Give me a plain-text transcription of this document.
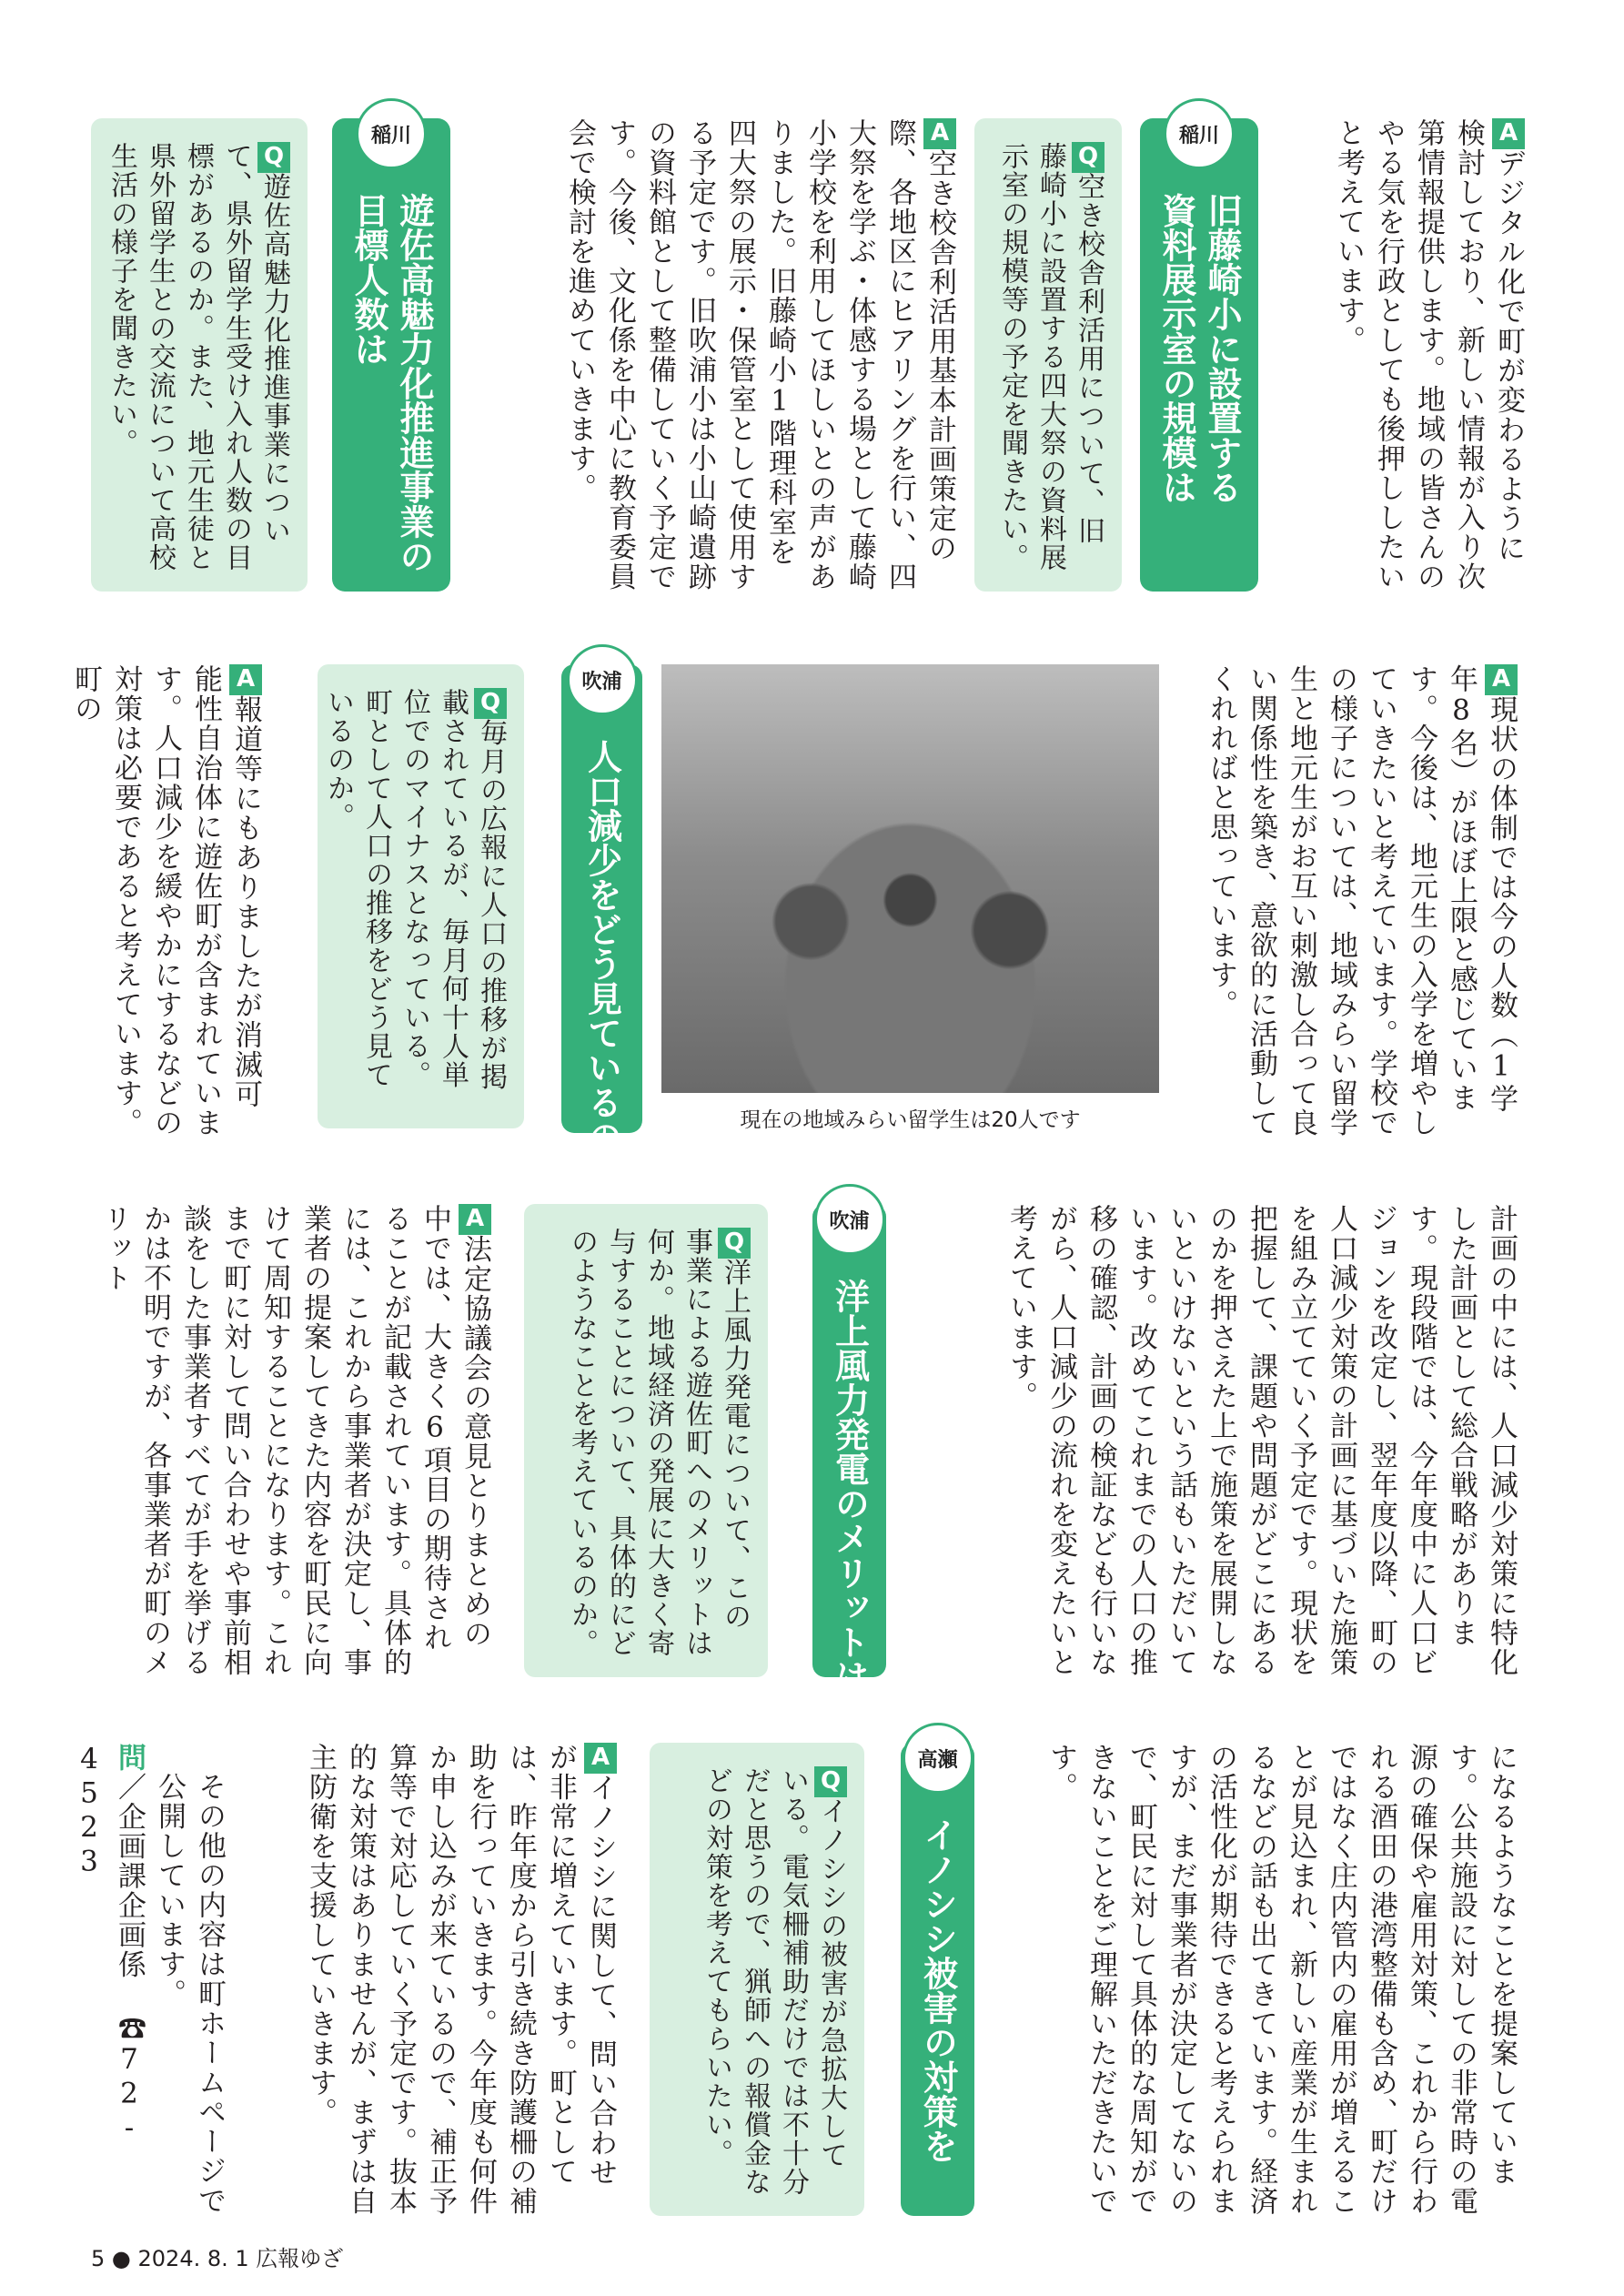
Aデジタル化で町が変わるように検討しており、新しい情報が入り次第情報提供します。地域の皆さんのやる気を行政としても後押ししたいと考えています。
稲川
旧藤崎小に設置する
資料展示室の規模は
Q空き校舎利活用について、旧藤崎小に設置する四大祭の資料展示室の規模等の予定を聞きたい。
A空き校舎利活用基本計画策定の際、各地区にヒアリングを行い、四大祭を学ぶ・体感する場として藤崎小学校を利用してほしいとの声がありました。旧藤崎小1階理科室を四大祭の展示・保管室として使用する予定です。旧吹浦小は小山崎遺跡の資料館として整備していく予定です。今後、文化係を中心に教育委員会で検討を進めていきます。
稲川
遊佐高魅力化推進事業の
目標人数は
Q遊佐高魅力化推進事業について、県外留学生受け入れ人数の目標があるのか。また、地元生徒と県外留学生との交流について高校生活の様子を聞きたい。
A現状の体制では今の人数（1学年8名）がほぼ上限と感じています。今後は、地元生の入学を増やしていきたいと考えています。学校での様子については、地域みらい留学生と地元生がお互い刺激し合って良い関係性を築き、意欲的に活動してくれればと思っています。
現在の地域みらい留学生は20人です
吹浦
人口減少をどう見ているのか
Q毎月の広報に人口の推移が掲載されているが、毎月何十人単位でのマイナスとなっている。町として人口の推移をどう見ているのか。
A報道等にもありましたが消滅可能性自治体に遊佐町が含まれています。人口減少を緩やかにするなどの対策は必要であると考えています。町の
計画の中には、人口減少対策に特化した計画として総合戦略があります。現段階では、今年度中に人口ビジョンを改定し、翌年度以降、町の人口減少対策の計画に基づいた施策を組み立てていく予定です。現状を把握して、課題や問題がどこにあるのかを押さえた上で施策を展開しないといけないという話もいただいています。改めてこれまでの人口の推移の確認、計画の検証なども行いながら、人口減少の流れを変えたいと考えています。
吹浦
洋上風力発電のメリットは
Q洋上風力発電について、この事業による遊佐町へのメリットは何か。地域経済の発展に大きく寄与することについて、具体的にどのようなことを考えているのか。
A法定協議会の意見とりまとめの中では、大きく6項目の期待されることが記載されています。具体的には、これから事業者が決定し、事業者の提案してきた内容を町民に向けて周知することになります。これまで町に対して問い合わせや事前相談をした事業者すべてが手を挙げるかは不明ですが、各事業者が町のメリット
になるようなことを提案しています。公共施設に対しての非常時の電源の確保や雇用対策、これから行われる酒田の港湾整備も含め、町だけではなく庄内管内の雇用が増えることが見込まれ、新しい産業が生まれるなどの話も出てきています。経済の活性化が期待できると考えられますが、まだ事業者が決定してないので、町民に対して具体的な周知ができないことをご理解いただきたいです。
高瀬
イノシシ被害の対策を
Qイノシシの被害が急拡大している。電気柵補助だけでは不十分だと思うので、猟師への報償金などの対策を考えてもらいたい。
Aイノシシに関して、問い合わせが非常に増えています。町としては、昨年度から引き続き防護柵の補助を行っていきます。今年度も何件か申し込みが来ているので、補正予算等で対応していく予定です。抜本的な対策はありませんが、まずは自主防衛を支援していきます。
その他の内容は町ホームページで公開しています。
問／企画課企画係 ☎72-4523
5 ● 2024. 8. 1 広報ゆざ
